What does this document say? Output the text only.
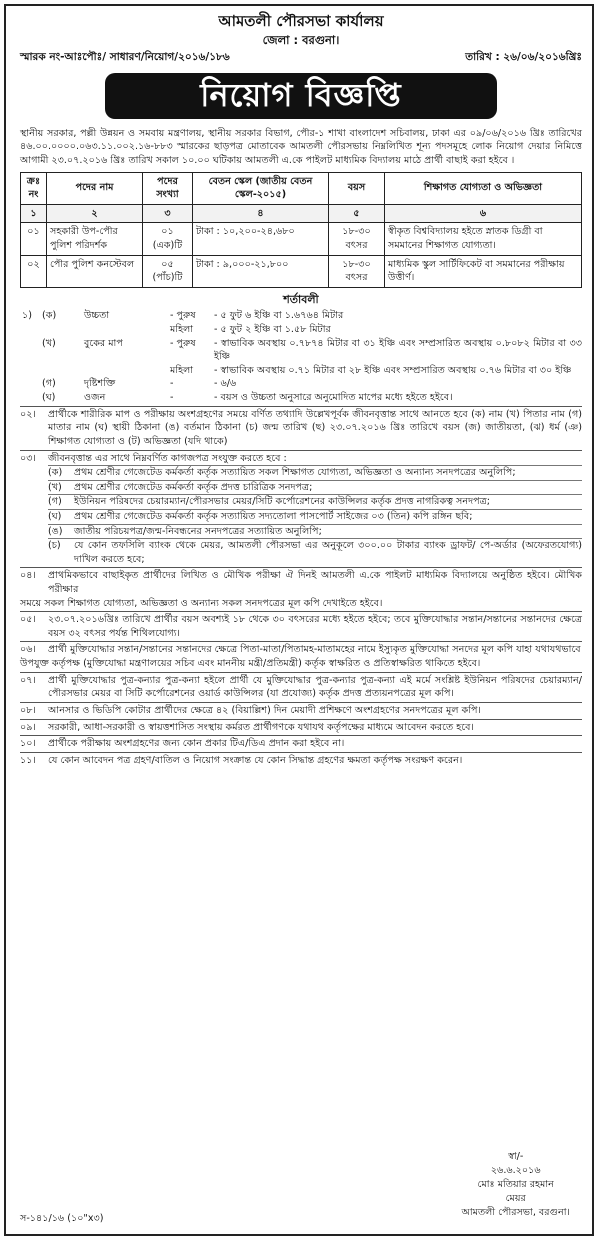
আমতলী পৌরসভা কার্যালয়
জেলা : বরগুনা।
স্মারক নং-আঃপৌঃ/ সাধারণ/নিয়োগ/২০১৬/১৮৬	তারিখ : ২৬/০৬/২০১৬খ্রিঃ
নিয়োগ বিজ্ঞপ্তি
স্থানীয় সরকার, পল্লী উন্নয়ন ও সমবায় মন্ত্রণালয়, স্থানীয় সরকার বিভাগ, পৌর-১ শাখা বাংলাদেশ সচিবালয়, ঢাকা এর ০৯/০৬/২০১৬ খ্রিঃ তারিখের ৪৬.০০.০০০০.০৬৩.১১.০০২.১৬-৮৮৩ স্মারকের ছাড়পত্র মোতাবেক আমতলী পৌরসভায় নিম্নলিখিত শূন্য পদসমূহে লোক নিয়োগ দেয়ার নিমিত্তে আগামী ২৩.০৭.২০১৬ খ্রিঃ তারিখ সকাল ১০.০০ ঘটিকায় আমতলী এ.কে পাইলট মাধ্যমিক বিদ্যালয় মাঠে প্রার্থী বাছাই করা হইবে ।
ক্রঃ নং	পদের নাম	পদের সংখ্যা	বেতন স্কেল (জাতীয় বেতন স্কেল-২০১৫)	বয়স	শিক্ষাগত যোগ্যতা ও অভিজ্ঞতা
১	২	৩	৪	৫	৬
০১	সহকারী উপ-পৌর পুলিশ পরিদর্শক	০১ (এক)টি	টাকা : ১০,২০০-২৪,৬৮০	১৮-৩০ বৎসর	স্বীকৃত বিশ্ববিদ্যালয় হইতে স্নাতক ডিগ্রী বা সমমানের শিক্ষাগত যোগ্যতা।
০২	পৌর পুলিশ কনস্টেবল	০৫ (পাঁচ)টি	টাকা : ৯,০০০-২১,৮০০	১৮-৩০ বৎসর	মাধ্যমিক স্কুল সার্টিফিকেট বা সমমানের পরীক্ষায় উত্তীর্ণ।
শর্তাবলী
১)	(ক)	উচ্চতা	- পুরুষ	- ৫ ফুট ৬ ইঞ্চি বা ১.৬৭৬৪ মিটার
মহিলা	- ৫ ফুট ২ ইঞ্চি বা ১.৫৮ মিটার
(খ)	বুকের মাপ	- পুরুষ	- স্বাভাবিক অবস্থায় ০.৭৮৭৪ মিটার বা ৩১ ইঞ্চি এবং সম্প্রসারিত অবস্থায় ০.৮০৮২ মিটার বা ৩৩ ইঞ্চি
মহিলা	- স্বাভাবিক অবস্থায় ০.৭১ মিটার বা ২৮ ইঞ্চি এবং সম্প্রসারিত অবস্থায় ০.৭৬ মিটার বা ৩০ ইঞ্চি
(গ)	দৃষ্টিশক্তি	-	- ৬/৬
(ঘ)	ওজন	-	- বয়স ও উচ্চতা অনুসারে অনুমোদিত মাপের মধ্যে হইতে হইবে।
০২।	প্রার্থীকে শারীরিক মাপ ও পরীক্ষায় অংশগ্রহণের সময়ে বর্ণিত তথ্যাদি উল্লেখপূর্বক জীবনবৃত্তান্ত সাথে আনতে হবে (ক) নাম (খ) পিতার নাম (গ) মাতার নাম (ঘ) স্থায়ী ঠিকানা (ঙ) বর্তমান ঠিকানা (চ) জন্ম তারিখ (ছ) ২৩.০৭.২০১৬ খ্রিঃ তারিখে বয়স (জ) জাতীয়তা, (ঝ) ধর্ম (ঞ) শিক্ষাগত যোগ্যতা ও (ট) অভিজ্ঞতা (যদি থাকে)
০৩।	জীবনবৃত্তান্ত এর সাথে নিম্নবর্ণিত কাগজপত্র সংযুক্ত করতে হবে :
(ক)	প্রথম শ্রেণীর গেজেটেড কর্মকর্তা কর্তৃক সত্যায়িত সকল শিক্ষাগত যোগ্যতা, অভিজ্ঞতা ও অন্যান্য সনদপত্রের অনুলিপি;
(খ)	প্রথম শ্রেণীর গেজেটেড কর্মকর্তা কর্তৃক প্রদত্ত চারিত্রিক সনদপত্র;
(গ)	ইউনিয়ন পরিষদের চেয়ারম্যান/পৌরসভার মেয়র/সিটি কর্পোরেশনের কাউন্সিলর কর্তৃক প্রদত্ত নাগরিকত্ব সনদপত্র;
(ঘ)	প্রথম শ্রেণীর গেজেটেড কর্মকর্তা কর্তৃক সত্যায়িত সদ্যতোলা পাসপোর্ট সাইজের ০৩ (তিন) কপি রঙ্গিন ছবি;
(ঙ)	জাতীয় পরিচয়পত্র/জন্ম-নিবন্ধনের সনদপত্রের সত্যায়িত অনুলিপি;
(চ)	যে কোন তফসিলি ব্যাংক থেকে মেয়র, আমতলী পৌরসভা এর অনুকূলে ৩০০.০০ টাকার ব্যাংক ড্রাফট/ পে-অর্ডার (অফেরতযোগ্য) দাখিল করতে হবে;
০৪।	প্রাথমিকভাবে বাছাইকৃত প্রার্থীদের লিখিত ও মৌখিক পরীক্ষা ঐ দিনই আমতলী এ.কে পাইলট মাধ্যমিক বিদ্যালয়ে অনুষ্ঠিত হইবে। মৌখিক পরীক্ষার
সময়ে সকল শিক্ষাগত যোগ্যতা, অভিজ্ঞতা ও অন্যান্য সকল সনদপত্রের মূল কপি দেখাইতে হইবে।
০৫।	২৩.০৭.২০১৬খ্রিঃ তারিখে প্রার্থীর বয়স অবশ্যই ১৮ থেকে ৩০ বৎসরের মধ্যে হইতে হইবে; তবে মুক্তিযোদ্ধার সন্তান/সন্তানের সন্তানদের ক্ষেত্রে বয়স ৩২ বৎসর পর্যন্ত শিথিলযোগ্য।
০৬।	প্রার্থী মুক্তিযোদ্ধার সন্তান/সন্তানের সন্তানদের ক্ষেত্রে পিতা-মাতা/পিতামহ-মাতামহের নামে ইস্যুকৃত মুক্তিযোদ্ধা সনদের মূল কপি যাহা যথাযথভাবে
উপযুক্ত কর্তৃপক্ষ (মুক্তিযোদ্ধা মন্ত্রণালয়ের সচিব এবং মাননীয় মন্ত্রী/প্রতিমন্ত্রী) কর্তৃক স্বাক্ষরিত ও প্রতিস্বাক্ষরিত থাকিতে হইবে।
০৭।	প্রার্থী মুক্তিযোদ্ধার পুত্র-কন্যার পুত্র-কন্যা হইলে প্রার্থী যে মুক্তিযোদ্ধার পুত্র-কন্যার পুত্র-কন্যা এই মর্মে সংশ্লিষ্ট ইউনিয়ন পরিষদের চেয়ারম্যান/পৌরসভার মেয়র বা সিটি কর্পোরেশনের ওয়ার্ড কাউন্সিলর (যা প্রযোজ্য) কর্তৃক প্রদত্ত প্রত্যয়নপত্রের মূল কপি।
০৮।	আনসার ও ভিডিপি কোটার প্রার্থীদের ক্ষেত্রে ৪২ (বিয়াল্লিশ) দিন মেয়াদী প্রশিক্ষণে অংশগ্রহণের সনদপত্রের মূল কপি।
০৯।	সরকারী, আধা-সরকারী ও স্বায়ত্তশাসিত সংস্থায় কর্মরত প্রার্থীগণকে যথাযথ কর্তৃপক্ষের মাধ্যমে আবেদন করতে হবে।
১০।	প্রার্থীকে পরীক্ষায় অংশগ্রহণের জন্য কোন প্রকার টিএ/ডিএ প্রদান করা হইবে না।
১১।	যে কোন আবেদন পত্র গ্রহণ/বাতিল ও নিয়োগ সংক্রান্ত যে কোন সিদ্ধান্ত গ্রহণের ক্ষমতা কর্তৃপক্ষ সংরক্ষণ করেন।
স্বা/-
২৬.৬.২০১৬
মোঃ মতিয়ার রহমান
মেয়র
আমতলী পৌরসভা, বরগুনা।
স-১৪১/১৬ (১০"x৩)
